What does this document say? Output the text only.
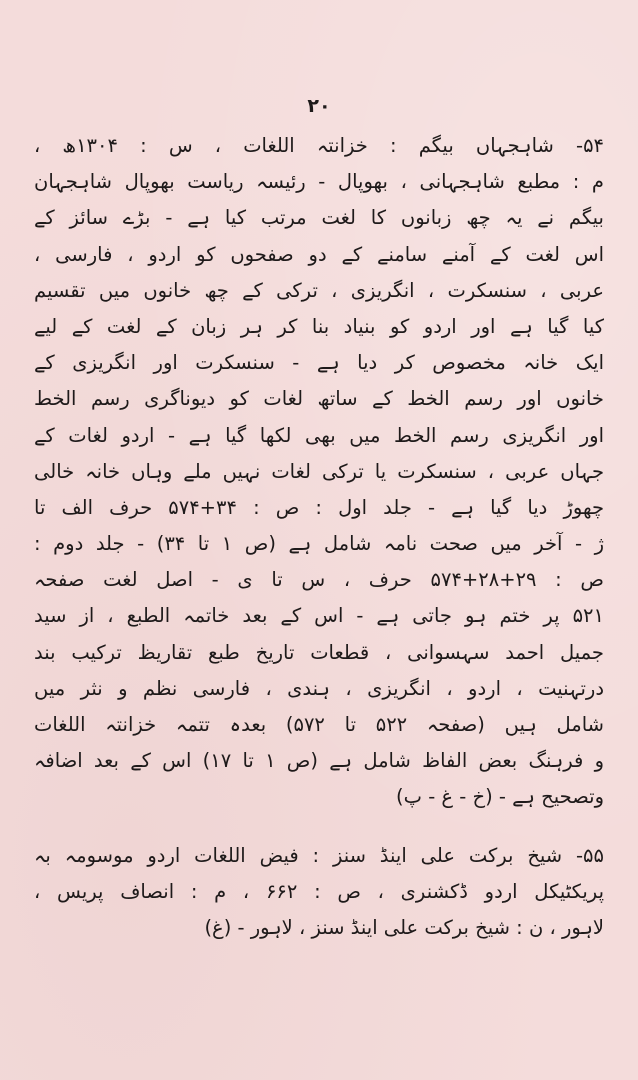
۲۰
۵۴- شاہجہاں بیگم : خزانتہ اللغات ، س : ۱۳۰۴ھ ،
م : مطبع شاہجہانی ، بھوپال - رئیسہ ریاست بھوپال شاہجہان
بیگم نے یہ چھ زبانوں کا لغت مرتب کیا ہے - بڑے سائز کے
اس لغت کے آمنے سامنے کے دو صفحوں کو اردو ، فارسی ،
عربی ، سنسکرت ، انگریزی ، ترکی کے چھ خانوں میں تقسیم
کیا گیا ہے اور اردو کو بنیاد بنا کر ہر زبان کے لغت کے لیے
ایک خانہ مخصوص کر دیا ہے - سنسکرت اور انگریزی کے
خانوں اور رسم الخط کے ساتھ لغات کو دیوناگری رسم الخط
اور انگریزی رسم الخط میں بھی لکھا گیا ہے - اردو لغات کے
جہاں عربی ، سنسکرت یا ترکی لغات نہیں ملے وہاں خانہ خالی
چھوڑ دیا گیا ہے - جلد اول : ص : ۳۴+۵۷۴ حرف الف تا
ژ - آخر میں صحت نامہ شامل ہے (ص ۱ تا ۳۴) - جلد دوم :
ص : ۲۹+۲۸+۵۷۴ حرف ، س تا ی - اصل لغت صفحہ
۵۲۱ پر ختم ہو جاتی ہے - اس کے بعد خاتمہ الطبع ، از سید
جمیل احمد سہسوانی ، قطعات تاریخ طبع تقاریظ ترکیب بند
درتہنیت ، اردو ، انگریزی ، ہندی ، فارسی نظم و نثر میں
شامل ہیں (صفحہ ۵۲۲ تا ۵۷۲) بعدہ تتمہ خزانتہ اللغات
و فرہنگ بعض الفاظ شامل ہے (ص ۱ تا ۱۷) اس کے بعد اضافہ
وتصحیح ہے - (خ - غ - پ)
۵۵- شیخ برکت علی اینڈ سنز : فیض اللغات اردو موسومہ بہ
پریکٹیکل اردو ڈکشنری ، ص : ۶۶۲ ، م : انصاف پریس ،
لاہور ، ن : شیخ برکت علی اینڈ سنز ، لاہور - (غ)
